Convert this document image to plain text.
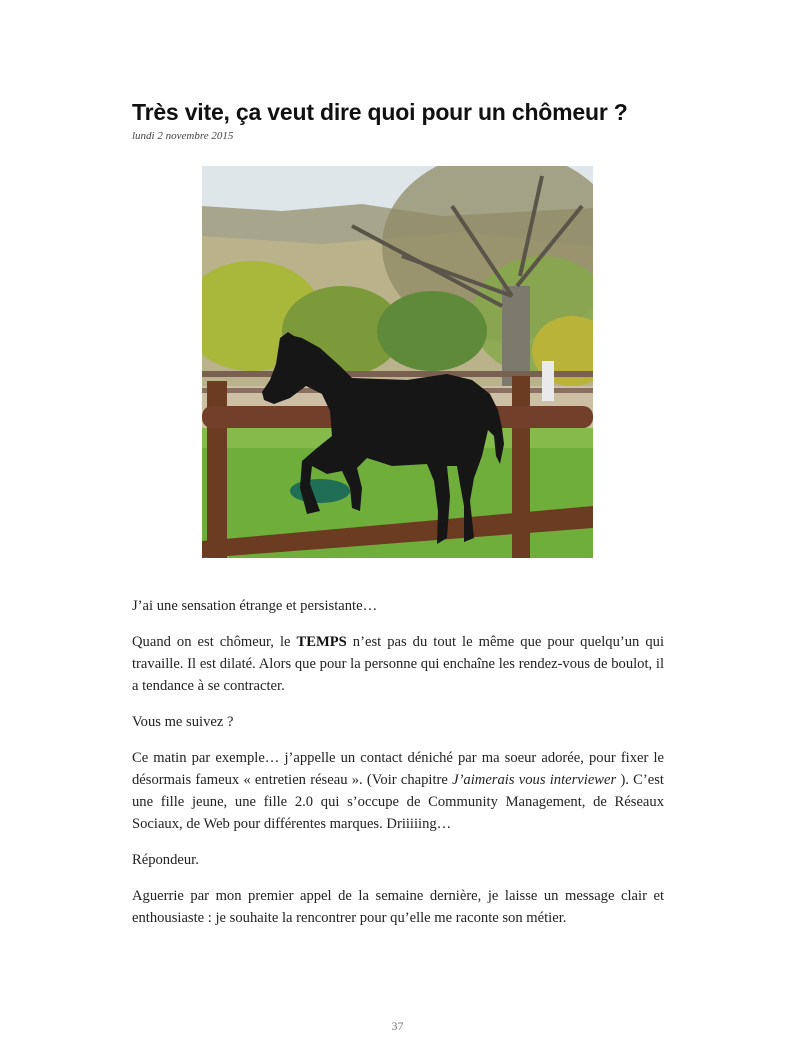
Très vite, ça veut dire quoi pour un chômeur ?
lundi 2 novembre 2015

J’ai une sensation étrange et persistante…

Quand on est chômeur, le TEMPS n’est pas du tout le même que pour quelqu’un qui travaille. Il est dilaté. Alors que pour la personne qui enchaîne les rendez-vous de boulot, il a tendance à se contracter.

Vous me suivez ?

Ce matin par exemple… j’appelle un contact déniché par ma soeur adorée, pour fixer le désormais fameux « entretien réseau ». (Voir chapitre J’aimerais vous interviewer ). C’est une fille jeune, une fille 2.0 qui s’occupe de Community Management, de Réseaux Sociaux, de Web pour différentes marques. Driiiiing…

Répondeur.

Aguerrie par mon premier appel de la semaine dernière, je laisse un message clair et enthousiaste : je souhaite la rencontrer pour qu’elle me raconte son métier.

37
